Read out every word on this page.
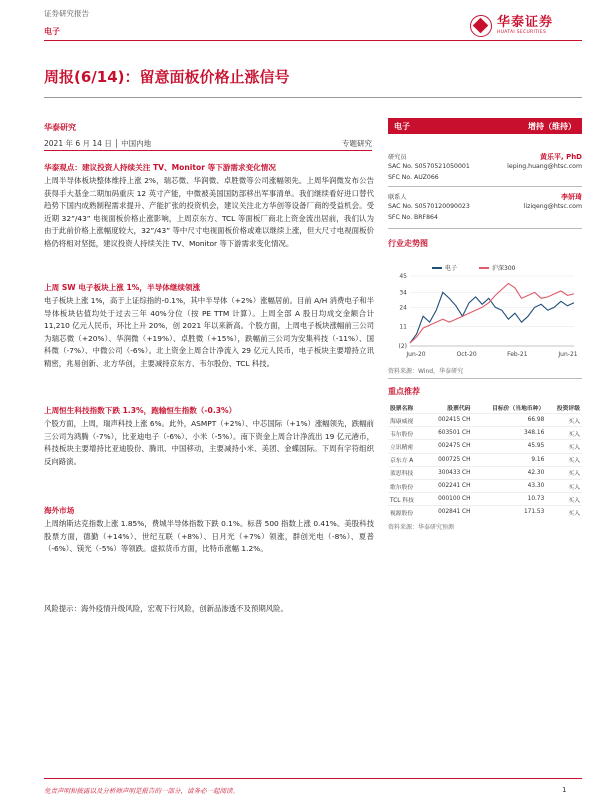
证券研究报告
电子
华泰证券
HUATAI SECURITIES
周报(6/14)：留意面板价格止涨信号
华泰研究
2021 年 6 月 14 日 │ 中国内地	专题研究
华泰观点：建议投资人持续关注 TV、Monitor 等下游需求变化情况
上周半导体板块整体维持上涨 2%，瑞芯微、华润微、卓胜微等公司涨幅领先。上周华润微发布公告获得手大基金二期加码重庆 12 英寸产能，中微被美国国防部移出军事清单。我们继续看好进口替代趋势下国内成熟制程需求提升、产能扩张的投资机会，建议关注北方华创等设备厂商的受益机会。受近期 32”/43” 电视面板价格止涨影响，上周京东方、TCL 等面板厂商北上资金流出居前，我们认为由于此前价格上涨幅度较大，32”/43” 等中尺寸电视面板价格或难以继续上涨，但大尺寸电视面板价格仍将相对坚挺，建议投资人持续关注 TV、Monitor 等下游需求变化情况。
上周 SW 电子板块上涨 1%，半导体继续领涨
电子板块上涨 1%，高于上证综指的-0.1%，其中半导体（+2%）涨幅居前。目前 A/H 消费电子和半导体板块估值均处于过去三年 40%分位（按 PE TTM 计算）。上周全部 A 股日均成交金额合计 11,210 亿元人民币，环比上升 20%，创 2021 年以来新高。个股方面，上周电子板块涨幅前三公司为瑞芯微（+20%）、华润微（+19%）、卓胜微（+15%），跌幅前三公司为安集科技（-11%）、国科微（-7%）、中微公司（-6%）。北上资金上周合计净流入 29 亿元人民币，电子板块主要增持立讯精密，兆易创新、北方华创，主要减持京东方、韦尔股份、TCL 科技。
上周恒生科技指数下跌 1.3%，跑输恒生指数（-0.3%）
个股方面，上周，瑞声科技上涨 6%。此外，ASMPT（+2%）、中芯国际（+1%）涨幅领先，跌幅前三公司为鸿腾（-7%），比亚迪电子（-6%）、小米（-5%）。南下资金上周合计净流出 19 亿元港币，科技板块主要增持比亚迪股份、腾讯、中国移动，主要减持小米、美团、金蝶国际。下周有字符组织反向路演。
海外市场
上周纳斯达克指数上涨 1.85%，费城半导体指数下跌 0.1%。标普 500 指数上涨 0.41%。美股科技股票方面，德勤（+14%）、世纪互联（+8%）、日月光（+7%）领涨，群创光电（-8%）、夏普（-6%）、镁光（-5%）等领跌。虚拟货币方面，比特币涨幅 1.2%。
风险提示：海外疫情升级风险，宏观下行风险，创新品渗透不及预期风险。
电子	增持（维持）
研究员	黄乐平, PhD
SAC No. S0570521050001	leping.huang@htsc.com
SFC No. AUZ066
联系人	李妍琦
SAC No. S0570120090023	liziqeng@htsc.com
SFC No. BRF864
行业走势图
电子	沪深300
(2)
11
24
34
45
Jun-20	Oct-20	Feb-21	Jun-21
资料来源：Wind，华泰研究
重点推荐
股票名称	股票代码	目标价（当地币种）	投资评级
海康威视	002415 CH	66.98	买入
韦尔股份	603501 CH	348.16	买入
立讯精密	002475 CH	45.95	买入
京东方 A	000725 CH	9.16	买入
蓝思科技	300433 CH	42.30	买入
歌尔股份	002241 CH	43.30	买入
TCL 科技	000100 CH	10.73	买入
视源股份	002841 CH	171.53	买入
资料来源：华泰研究预测
免责声明和披露以及分析师声明是报告的一部分，请务必一起阅读。	1
